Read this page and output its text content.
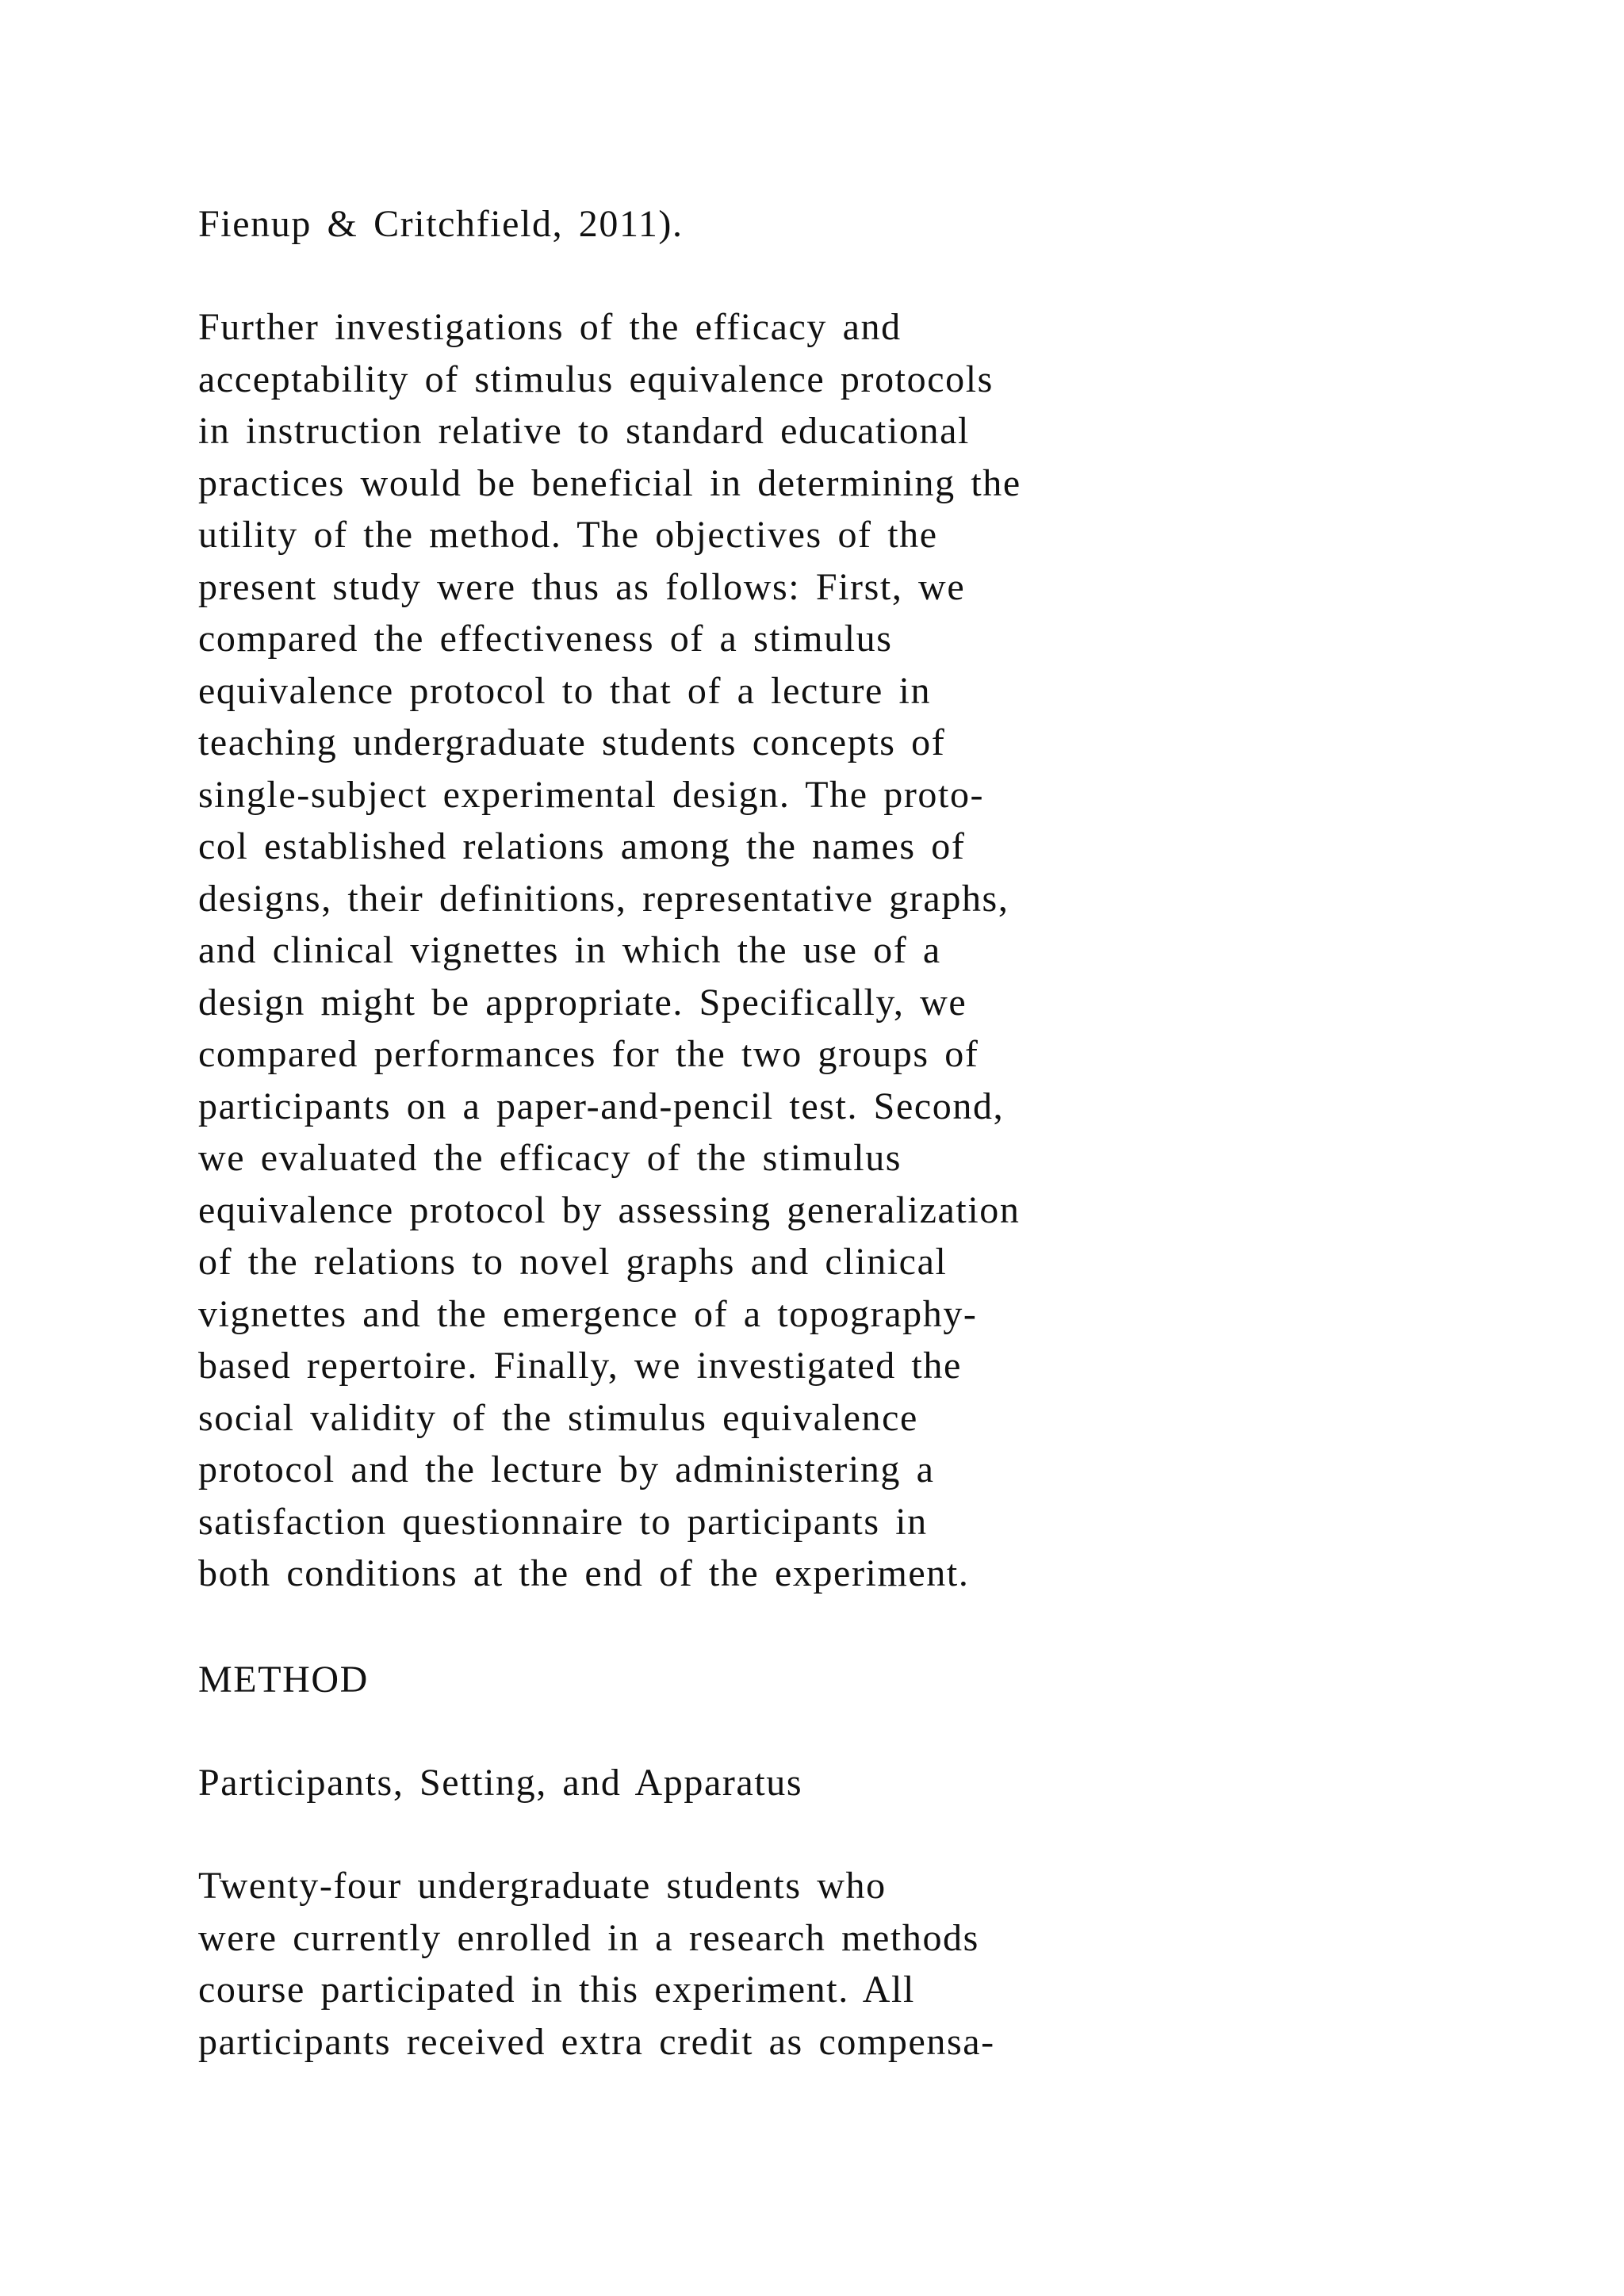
Fienup & Critchfield, 2011).
Further investigations of the efficacy and
acceptability of stimulus equivalence protocols
in instruction relative to standard educational
practices would be beneficial in determining the
utility of the method. The objectives of the
present study were thus as follows: First, we
compared the effectiveness of a stimulus
equivalence protocol to that of a lecture in
teaching undergraduate students concepts of
single-subject experimental design. The proto-
col established relations among the names of
designs, their definitions, representative graphs,
and clinical vignettes in which the use of a
design might be appropriate. Specifically, we
compared performances for the two groups of
participants on a paper-and-pencil test. Second,
we evaluated the efficacy of the stimulus
equivalence protocol by assessing generalization
of the relations to novel graphs and clinical
vignettes and the emergence of a topography-
based repertoire. Finally, we investigated the
social validity of the stimulus equivalence
protocol and the lecture by administering a
satisfaction questionnaire to participants in
both conditions at the end of the experiment.
METHOD
Participants, Setting, and Apparatus
Twenty-four undergraduate students who
were currently enrolled in a research methods
course participated in this experiment. All
participants received extra credit as compensa-
